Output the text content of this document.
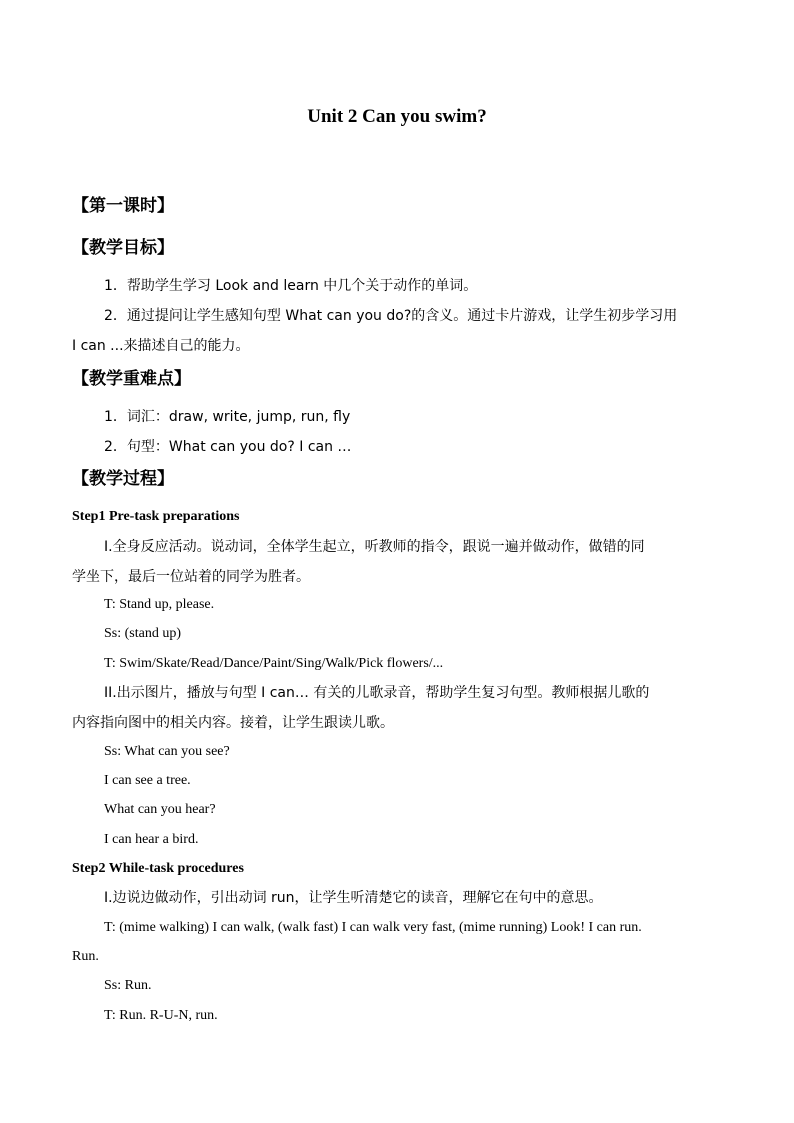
Unit 2 Can you swim?
【第一课时】
【教学目标】
1．帮助学生学习 Look and learn 中几个关于动作的单词。
2．通过提问让学生感知句型 What can you do?的含义。通过卡片游戏，让学生初步学习用
I can ...来描述自己的能力。
【教学重难点】
1．词汇：draw, write, jump, run, fly
2．句型：What can you do? I can …
【教学过程】
Step1 Pre-task preparations
I.全身反应活动。说动词，全体学生起立，听教师的指令，跟说一遍并做动作，做错的同
学坐下，最后一位站着的同学为胜者。
T: Stand up, please.
Ss: (stand up)
T: Swim/Skate/Read/Dance/Paint/Sing/Walk/Pick flowers/...
II.出示图片，播放与句型 I can… 有关的儿歌录音，帮助学生复习句型。教师根据儿歌的
内容指向图中的相关内容。接着，让学生跟读儿歌。
Ss: What can you see?
I can see a tree.
What can you hear?
I can hear a bird.
Step2 While-task procedures
I.边说边做动作，引出动词 run，让学生听清楚它的读音，理解它在句中的意思。
T: (mime walking) I can walk, (walk fast) I can walk very fast, (mime running) Look! I can run.
Run.
Ss: Run.
T: Run. R-U-N, run.
